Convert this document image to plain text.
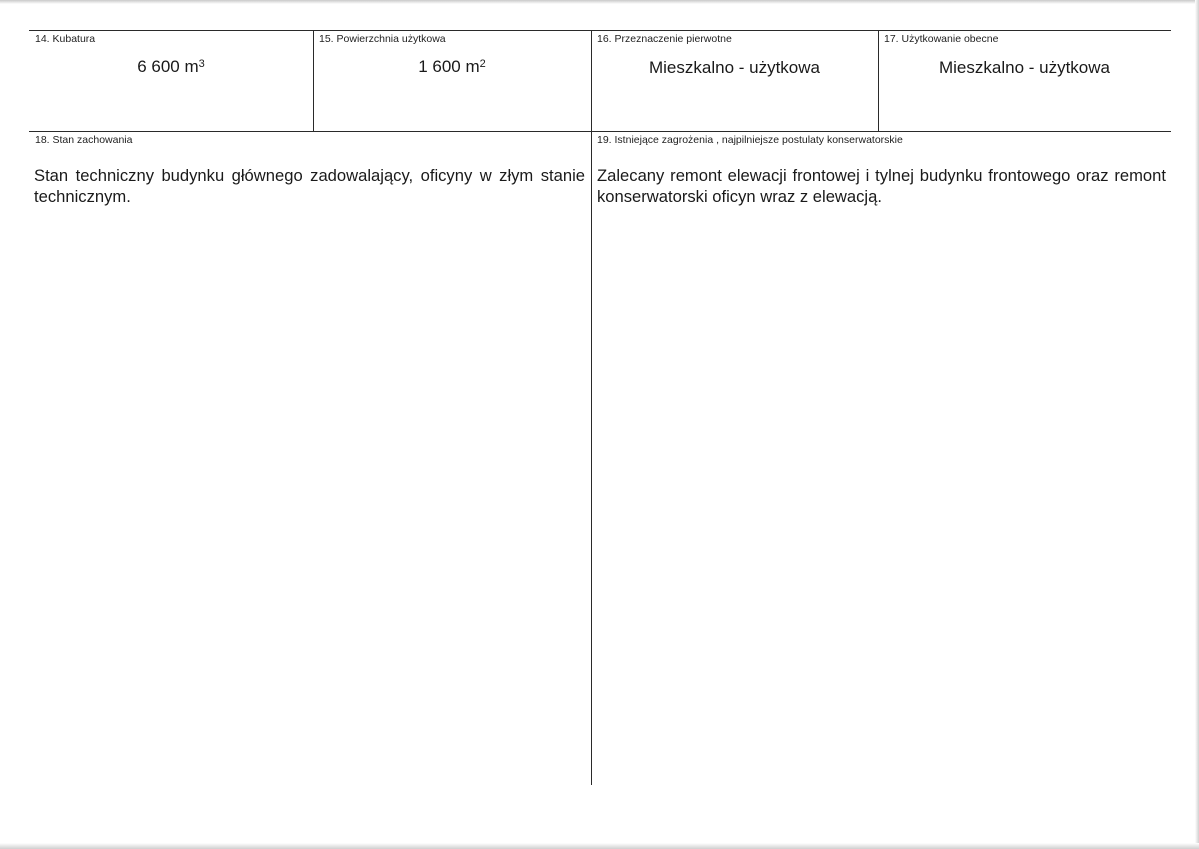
14. Kubatura
6 600 $m^3$
15. Powierzchnia użytkowa
1 600 $m^2$
16. Przeznaczenie pierwotne
Mieszkalno - użytkowa
17. Użytkowanie obecne
Mieszkalno - użytkowa
18. Stan zachowania
Stan techniczny budynku głównego zadowalający, oficyny w złym stanie technicznym.
19. Istniejące zagrożenia , najpilniejsze postulaty konserwatorskie
Zalecany remont elewacji frontowej i tylnej budynku frontowego oraz remont konserwatorski oficyn wraz z elewacją.
